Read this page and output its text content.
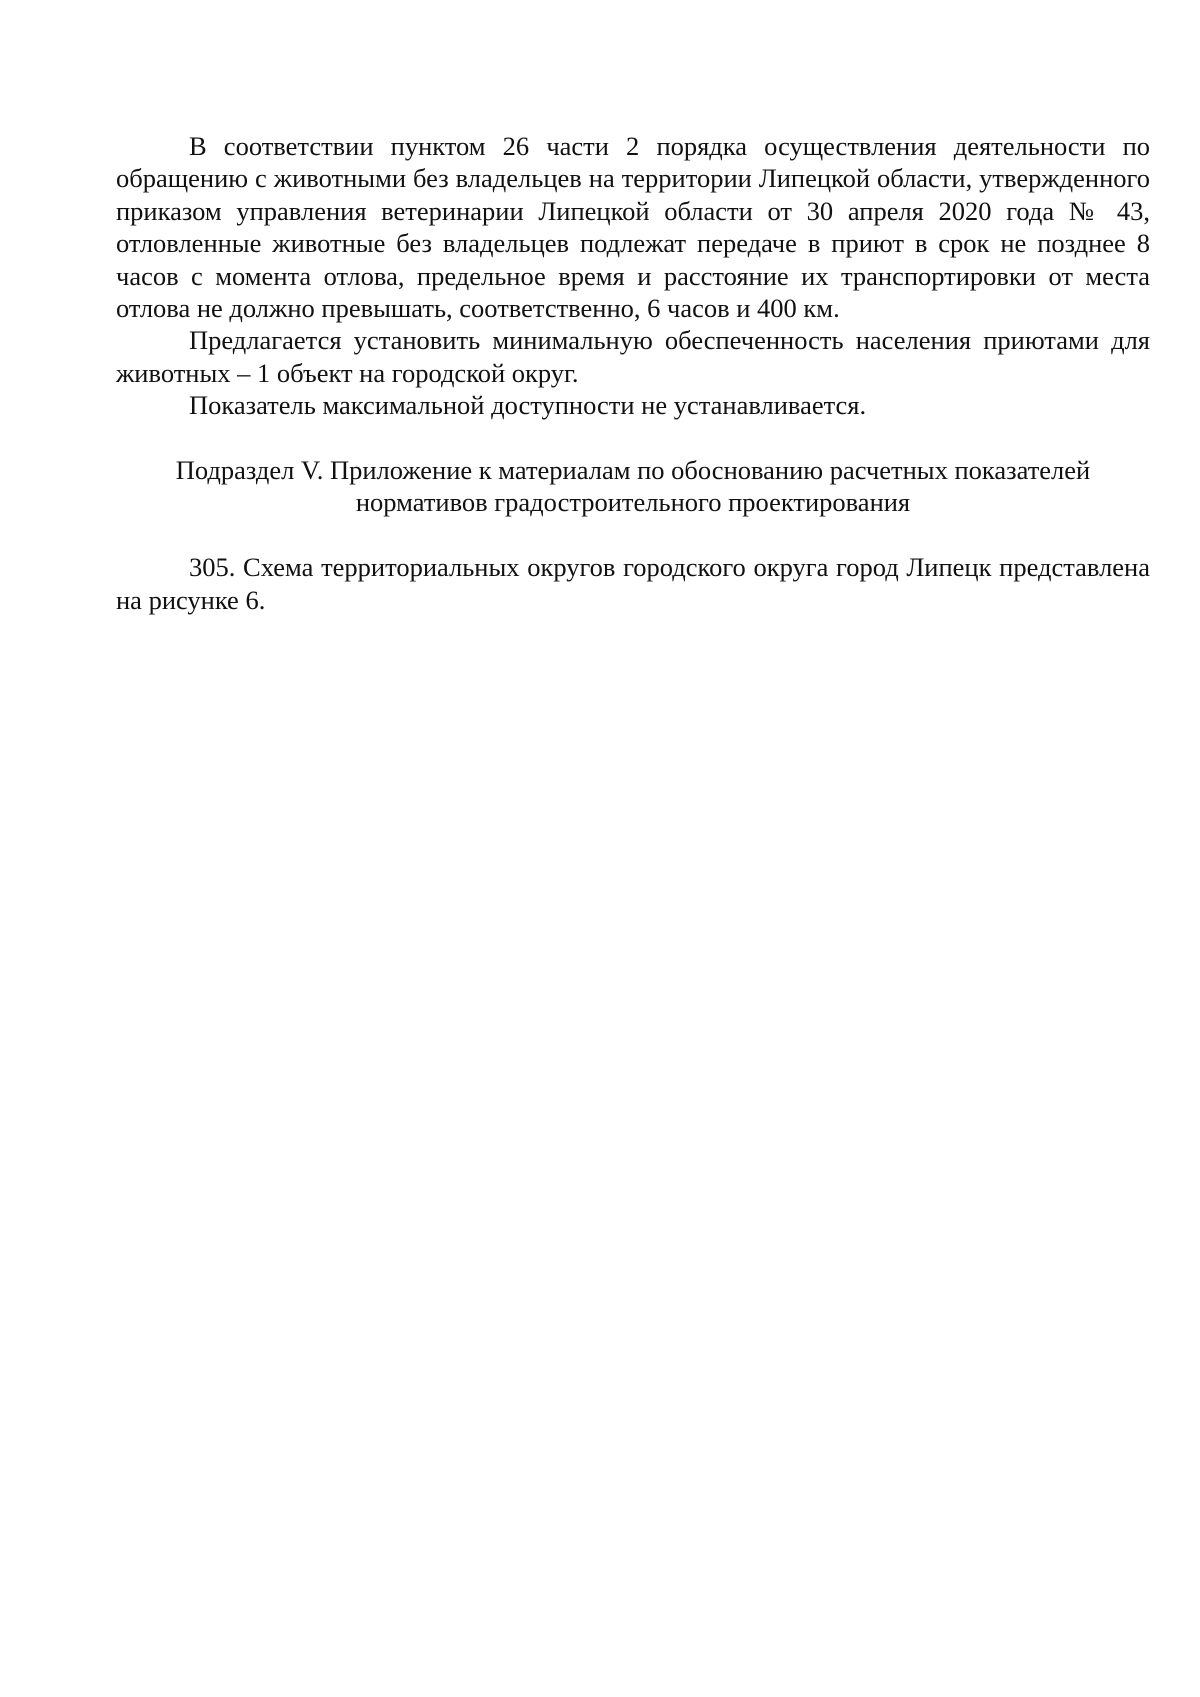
В соответствии пунктом 26 части 2 порядка осуществления деятельности по обращению с животными без владельцев на территории Липецкой области, утвержденного приказом управления ветеринарии Липецкой области от 30 апреля 2020 года № 43, отловленные животные без владельцев подлежат передаче в приют в срок не позднее 8 часов с момента отлова, предельное время и расстояние их транспортировки от места отлова не должно превышать, соответственно, 6 часов и 400 км.

Предлагается установить минимальную обеспеченность населения приютами для животных – 1 объект на городской округ.

Показатель максимальной доступности не устанавливается.

Подраздел V. Приложение к материалам по обоснованию расчетных показателей
нормативов градостроительного проектирования

305. Схема территориальных округов городского округа город Липецк представлена на рисунке 6.
